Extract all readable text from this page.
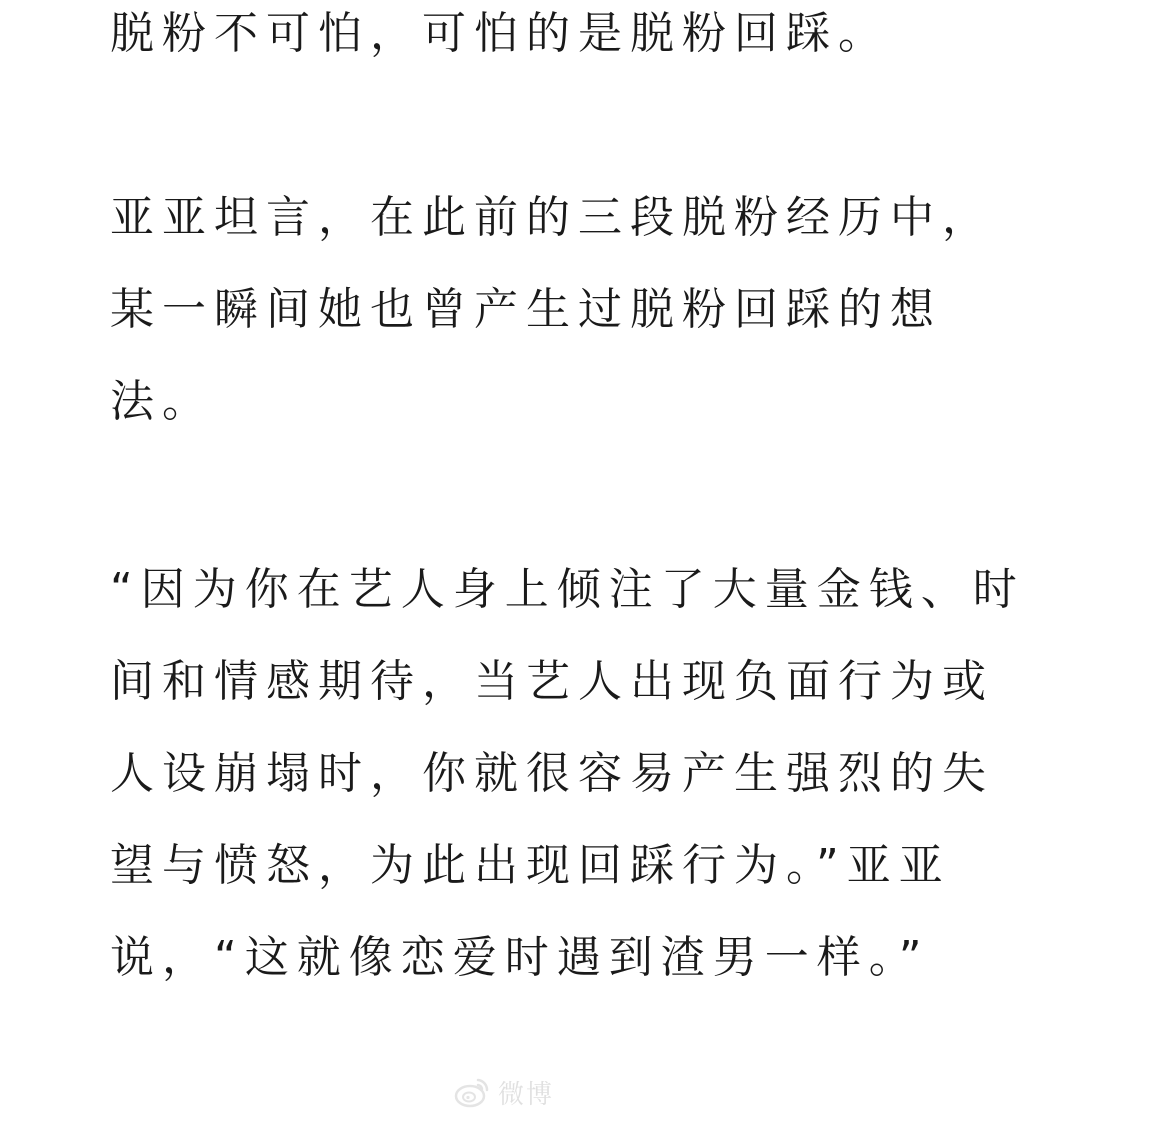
脱粉不可怕，可怕的是脱粉回踩。
亚亚坦言，在此前的三段脱粉经历中，
某一瞬间她也曾产生过脱粉回踩的想
法。
“因为你在艺人身上倾注了大量金钱、时
间和情感期待，当艺人出现负面行为或
人设崩塌时，你就很容易产生强烈的失
望与愤怒，为此出现回踩行为。”亚亚
说，“这就像恋爱时遇到渣男一样。”
微博
